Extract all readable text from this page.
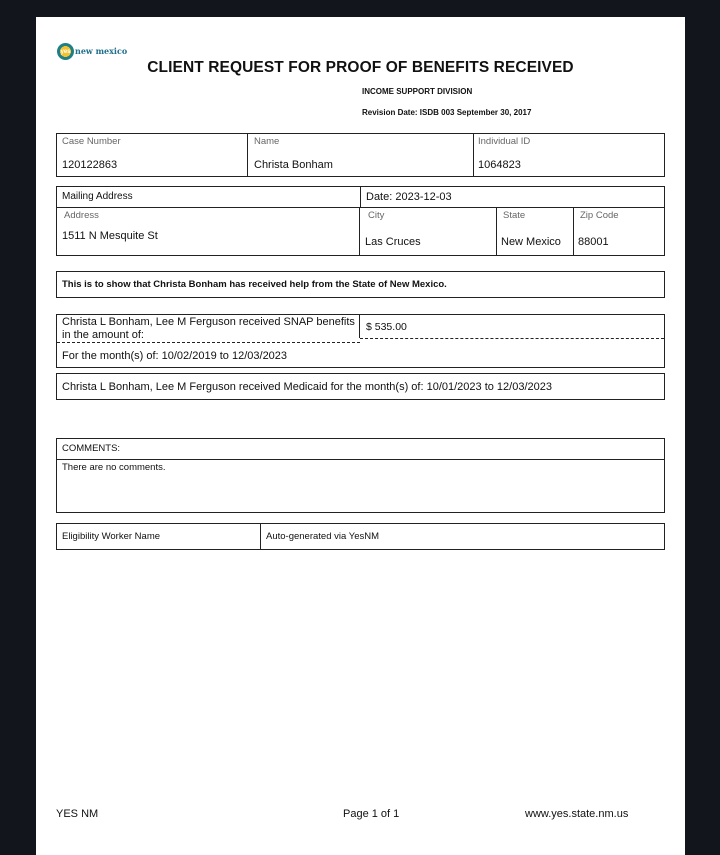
yes new mexico
CLIENT REQUEST FOR PROOF OF BENEFITS RECEIVED
INCOME SUPPORT DIVISION
Revision Date: ISDB 003 September 30, 2017
Case Number
120122863
Name
Christa Bonham
Individual ID
1064823
Mailing Address	Date: 2023-12-03
Address
1511 N Mesquite St
City
Las Cruces
State
New Mexico
Zip Code
88001
This is to show that Christa Bonham has received help from the State of New Mexico.
Christa L Bonham, Lee M Ferguson received SNAP benefits
in the amount of:
$ 535.00
For the month(s) of: 10/02/2019 to 12/03/2023
Christa L Bonham, Lee M Ferguson received Medicaid for the month(s) of: 10/01/2023 to 12/03/2023
COMMENTS:
There are no comments.
Eligibility Worker Name	Auto-generated via YesNM
YES NM	Page 1 of 1	www.yes.state.nm.us
